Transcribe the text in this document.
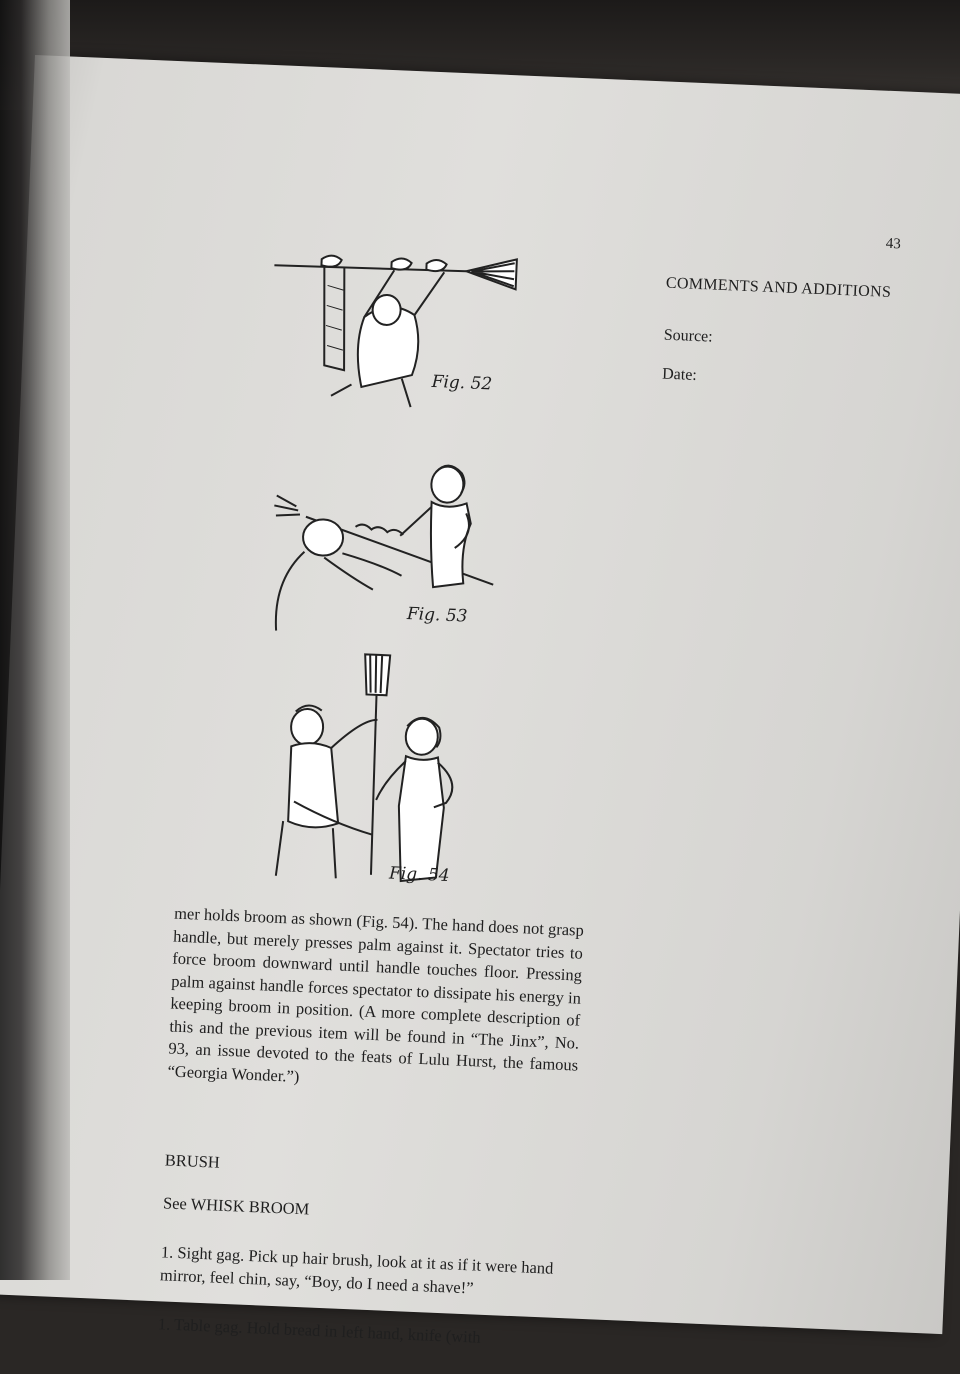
43
COMMENTS AND ADDITIONS
Source:
Date:
Fig. 52
Fig. 53
Fig. 54
mer holds broom as shown (Fig. 54). The hand does not grasp handle, but merely presses palm against it. Spectator tries to force broom downward until handle touches floor. Pressing palm against handle forces spectator to dissipate his energy in keeping broom in position. (A more complete description of this and the previous item will be found in “The Jinx”, No. 93, an issue devoted to the feats of Lulu Hurst, the famous “Georgia Wonder.”)
BRUSH
See WHISK BROOM
1. Sight gag. Pick up hair brush, look at it as if it were hand mirror, feel chin, say, “Boy, do I need a shave!”
1. Table gag. Hold bread in left hand, knife (with
